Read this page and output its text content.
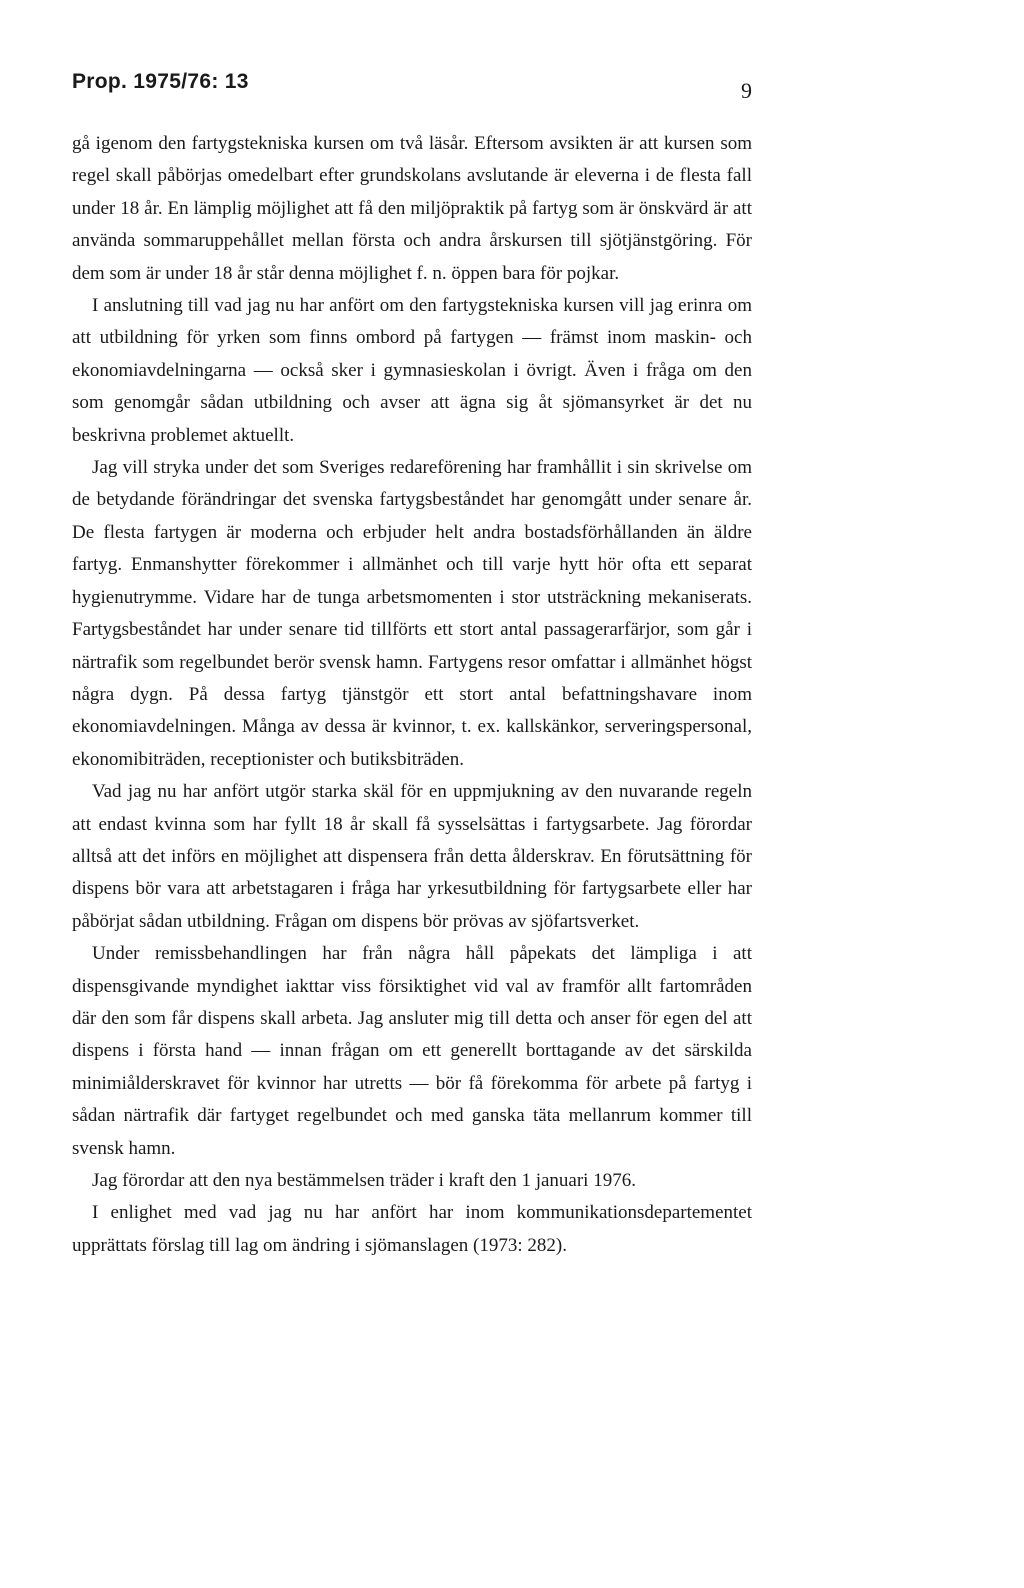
Prop. 1975/76: 13	9

gå igenom den fartygstekniska kursen om två läsår. Eftersom avsikten är att kursen som regel skall påbörjas omedelbart efter grundskolans avslutande är eleverna i de flesta fall under 18 år. En lämplig möjlighet att få den miljöpraktik på fartyg som är önskvärd är att använda sommaruppehållet mellan första och andra årskursen till sjötjänstgöring. För dem som är under 18 år står denna möjlighet f. n. öppen bara för pojkar.

I anslutning till vad jag nu har anfört om den fartygstekniska kursen vill jag erinra om att utbildning för yrken som finns ombord på fartygen — främst inom maskin- och ekonomiavdelningarna — också sker i gymnasieskolan i övrigt. Även i fråga om den som genomgår sådan utbildning och avser att ägna sig åt sjömansyrket är det nu beskrivna problemet aktuellt.

Jag vill stryka under det som Sveriges redareförening har framhållit i sin skrivelse om de betydande förändringar det svenska fartygsbeståndet har genomgått under senare år. De flesta fartygen är moderna och erbjuder helt andra bostadsförhållanden än äldre fartyg. Enmanshytter förekommer i allmänhet och till varje hytt hör ofta ett separat hygienutrymme. Vidare har de tunga arbetsmomenten i stor utsträckning mekaniserats. Fartygsbeståndet har under senare tid tillförts ett stort antal passagerarfärjor, som går i närtrafik som regelbundet berör svensk hamn. Fartygens resor omfattar i allmänhet högst några dygn. På dessa fartyg tjänstgör ett stort antal befattningshavare inom ekonomiavdelningen. Många av dessa är kvinnor, t. ex. kallskänkor, serveringspersonal, ekonomibiträden, receptionister och butiksbiträden.

Vad jag nu har anfört utgör starka skäl för en uppmjukning av den nuvarande regeln att endast kvinna som har fyllt 18 år skall få sysselsättas i fartygsarbete. Jag förordar alltså att det införs en möjlighet att dispensera från detta ålderskrav. En förutsättning för dispens bör vara att arbetstagaren i fråga har yrkesutbildning för fartygsarbete eller har påbörjat sådan utbildning. Frågan om dispens bör prövas av sjöfartsverket.

Under remissbehandlingen har från några håll påpekats det lämpliga i att dispensgivande myndighet iakttar viss försiktighet vid val av framför allt fartområden där den som får dispens skall arbeta. Jag ansluter mig till detta och anser för egen del att dispens i första hand — innan frågan om ett generellt borttagande av det särskilda minimiålderskravet för kvinnor har utretts — bör få förekomma för arbete på fartyg i sådan närtrafik där fartyget regelbundet och med ganska täta mellanrum kommer till svensk hamn.

Jag förordar att den nya bestämmelsen träder i kraft den 1 januari 1976.

I enlighet med vad jag nu har anfört har inom kommunikationsdepartementet upprättats förslag till lag om ändring i sjömanslagen (1973: 282).
